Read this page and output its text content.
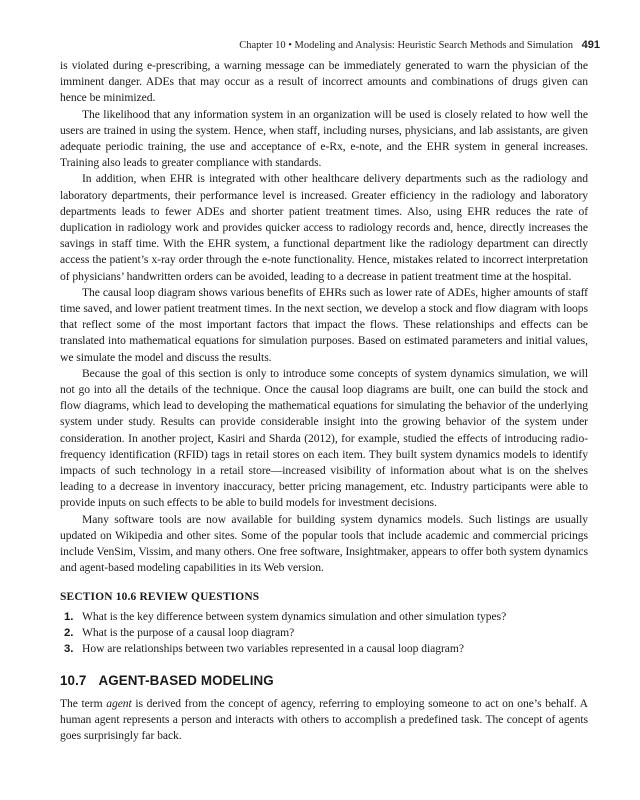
Chapter 10 • Modeling and Analysis: Heuristic Search Methods and Simulation 491

is violated during e-prescribing, a warning message can be immediately generated to warn the physician of the imminent danger. ADEs that may occur as a result of incorrect amounts and combinations of drugs given can hence be minimized.

The likelihood that any information system in an organization will be used is closely related to how well the users are trained in using the system. Hence, when staff, including nurses, physicians, and lab assistants, are given adequate periodic training, the use and acceptance of e-Rx, e-note, and the EHR system in general increases. Training also leads to greater compliance with standards.

In addition, when EHR is integrated with other healthcare delivery departments such as the radiology and laboratory departments, their performance level is increased. Greater efficiency in the radiology and laboratory departments leads to fewer ADEs and shorter patient treatment times. Also, using EHR reduces the rate of duplication in radiology work and provides quicker access to radiology records and, hence, directly increases the savings in staff time. With the EHR system, a functional department like the radiology department can directly access the patient’s x-ray order through the e-note functionality. Hence, mistakes related to incorrect interpretation of physicians’ handwritten orders can be avoided, leading to a decrease in patient treatment time at the hospital.

The causal loop diagram shows various benefits of EHRs such as lower rate of ADEs, higher amounts of staff time saved, and lower patient treatment times. In the next section, we develop a stock and flow diagram with loops that reflect some of the most important factors that impact the flows. These relationships and effects can be translated into mathematical equations for simulation purposes. Based on estimated parameters and initial values, we simulate the model and discuss the results.

Because the goal of this section is only to introduce some concepts of system dynamics simulation, we will not go into all the details of the technique. Once the causal loop diagrams are built, one can build the stock and flow diagrams, which lead to developing the mathematical equations for simulating the behavior of the underlying system under study. Results can provide considerable insight into the growing behavior of the system under consideration. In another project, Kasiri and Sharda (2012), for example, studied the effects of introducing radio-frequency identification (RFID) tags in retail stores on each item. They built system dynamics models to identify impacts of such technology in a retail store—increased visibility of information about what is on the shelves leading to a decrease in inventory inaccuracy, better pricing management, etc. Industry participants were able to provide inputs on such effects to be able to build models for investment decisions.

Many software tools are now available for building system dynamics models. Such listings are usually updated on Wikipedia and other sites. Some of the popular tools that include academic and commercial pricings include VenSim, Vissim, and many others. One free software, Insightmaker, appears to offer both system dynamics and agent-based modeling capabilities in its Web version.

SECTION 10.6 REVIEW QUESTIONS
1. What is the key difference between system dynamics simulation and other simulation types?
2. What is the purpose of a causal loop diagram?
3. How are relationships between two variables represented in a causal loop diagram?
10.7 AGENT-BASED MODELING

The term agent is derived from the concept of agency, referring to employing someone to act on one’s behalf. A human agent represents a person and interacts with others to accomplish a predefined task. The concept of agents goes surprisingly far back.
